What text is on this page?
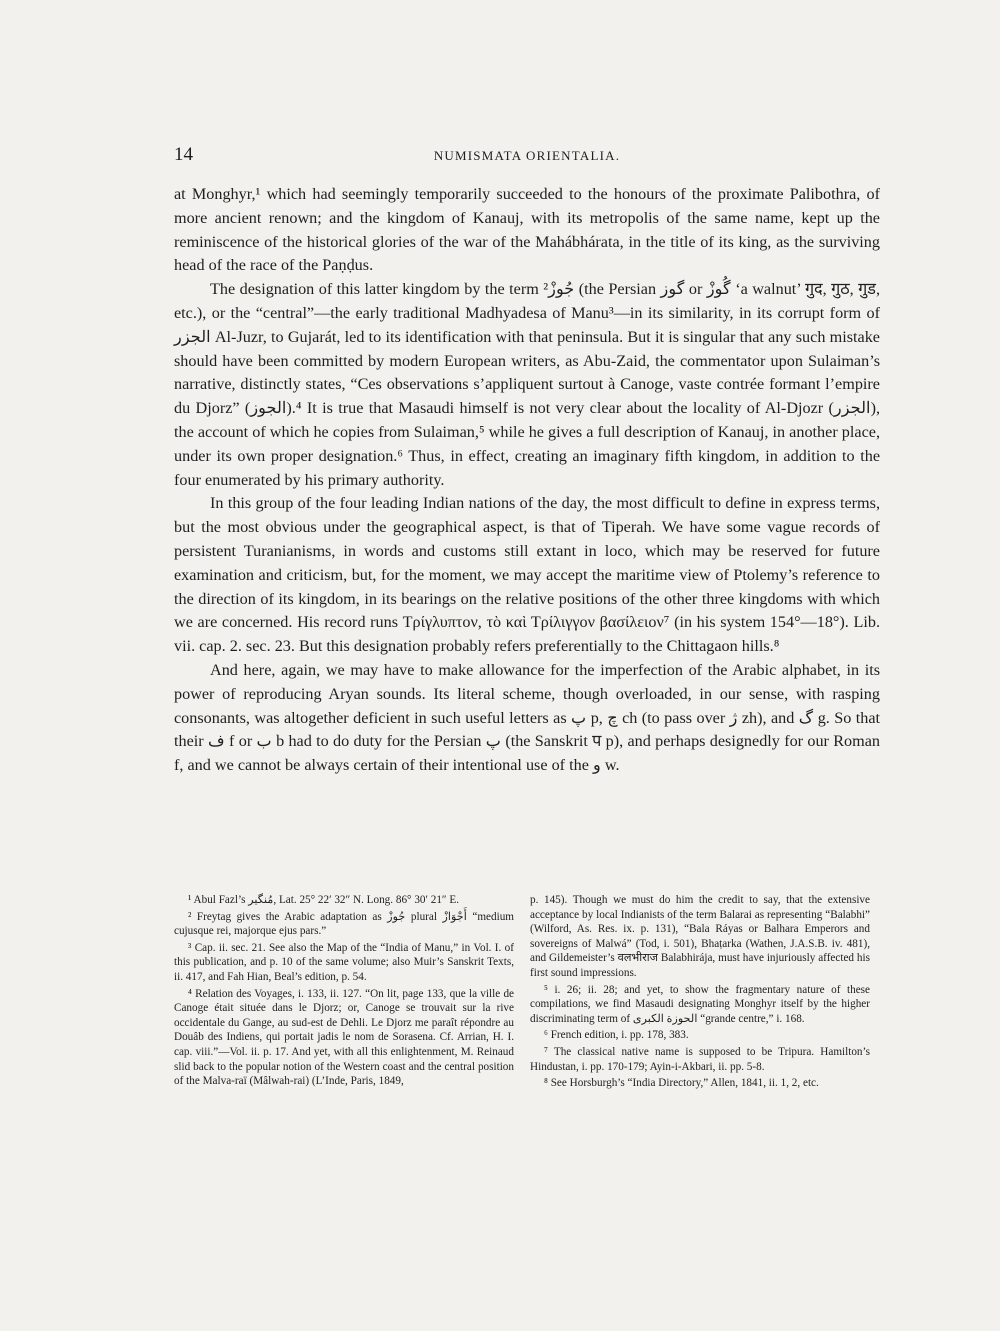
14	NUMISMATA ORIENTALIA.

at Monghyr,¹ which had seemingly temporarily succeeded to the honours of the proximate Palibothra, of more ancient renown; and the kingdom of Kanauj, with its metropolis of the same name, kept up the reminiscence of the historical glories of the war of the Mahábhárata, in the title of its king, as the surviving head of the race of the Paṇḍus.

The designation of this latter kingdom by the term جُوزْ² (the Persian گوز or گُوزْ ‘a walnut’ गुद, गुठ, गुड, etc.), or the “central”—the early traditional Madhyadesa of Manu³—in its similarity, in its corrupt form of الجزر Al-Juzr, to Gujarát, led to its identification with that peninsula. But it is singular that any such mistake should have been committed by modern European writers, as Abu-Zaid, the commentator upon Sulaiman’s narrative, distinctly states, “Ces observations s’appliquent surtout à Canoge, vaste contrée formant l’empire du Djorz” (الجوز).⁴ It is true that Masaudi himself is not very clear about the locality of Al-Djozr (الجزر), the account of which he copies from Sulaiman,⁵ while he gives a full description of Kanauj, in another place, under its own proper designation.⁶ Thus, in effect, creating an imaginary fifth kingdom, in addition to the four enumerated by his primary authority.

In this group of the four leading Indian nations of the day, the most difficult to define in express terms, but the most obvious under the geographical aspect, is that of Tiperah. We have some vague records of persistent Turanianisms, in words and customs still extant in loco, which may be reserved for future examination and criticism, but, for the moment, we may accept the maritime view of Ptolemy’s reference to the direction of its kingdom, in its bearings on the relative positions of the other three kingdoms with which we are concerned. His record runs Τρίγλυπτον, τὸ καὶ Τρίλιγγον βασίλειον⁷ (in his system 154°—18°). Lib. vii. cap. 2. sec. 23. But this designation probably refers preferentially to the Chittagaon hills.⁸

And here, again, we may have to make allowance for the imperfection of the Arabic alphabet, in its power of reproducing Aryan sounds. Its literal scheme, though overloaded, in our sense, with rasping consonants, was altogether deficient in such useful letters as پ p, چ ch (to pass over ژ zh), and گ g. So that their ف f or ب b had to do duty for the Persian پ (the Sanskrit प p), and perhaps designedly for our Roman f, and we cannot be always certain of their intentional use of the و w.

¹ Abul Fazl’s مُنگیر, Lat. 25° 22′ 32″ N. Long. 86° 30′ 21″ E.

² Freytag gives the Arabic adaptation as جُوزْ plural أَجْوَازْ “medium cujusque rei, majorque ejus pars.”

³ Cap. ii. sec. 21. See also the Map of the “India of Manu,” in Vol. I. of this publication, and p. 10 of the same volume; also Muir’s Sanskrit Texts, ii. 417, and Fah Hian, Beal’s edition, p. 54.

⁴ Relation des Voyages, i. 133, ii. 127. “On lit, page 133, que la ville de Canoge était située dans le Djorz; or, Canoge se trouvait sur la rive occidentale du Gange, au sud-est de Dehli. Le Djorz me paraît répondre au Douâb des Indiens, qui portait jadis le nom de Sorasena. Cf. Arrian, H. I. cap. viii.”—Vol. ii. p. 17. And yet, with all this enlightenment, M. Reinaud slid back to the popular notion of the Western coast and the central position of the Malva-raï (Mâlwah-rai) (L’Inde, Paris, 1849,

p. 145). Though we must do him the credit to say, that the extensive acceptance by local Indianists of the term Balarai as representing “Balabhi” (Wilford, As. Res. ix. p. 131), “Bala Ráyas or Balhara Emperors and sovereigns of Malwá” (Tod, i. 501), Bhaṭarka (Wathen, J.A.S.B. iv. 481), and Gildemeister’s वलभीराज Balabhirája, must have injuriously affected his first sound impressions.

⁵ i. 26; ii. 28; and yet, to show the fragmentary nature of these compilations, we find Masaudi designating Monghyr itself by the higher discriminating term of الحوزة الكبرى “grande centre,” i. 168.

⁶ French edition, i. pp. 178, 383.

⁷ The classical native name is supposed to be Tripura. Hamilton’s Hindustan, i. pp. 170-179; Ayin-i-Akbari, ii. pp. 5-8.

⁸ See Horsburgh’s “India Directory,” Allen, 1841, ii. 1, 2, etc.
